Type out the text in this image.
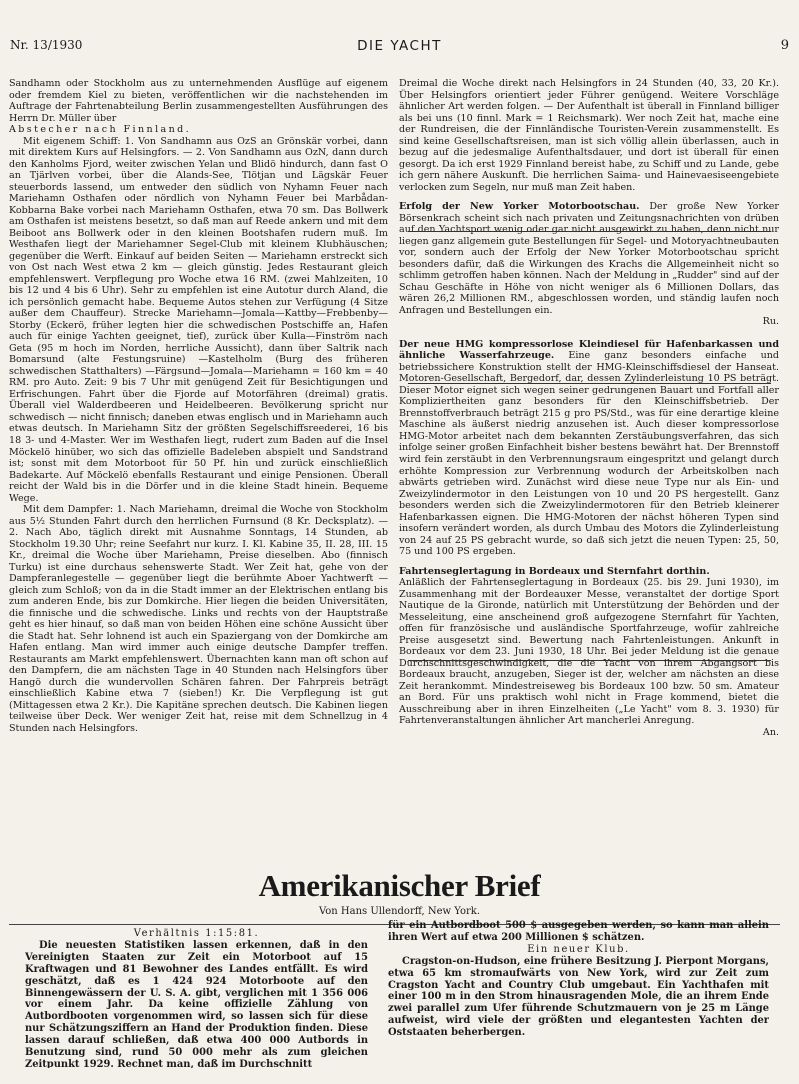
Nr. 13/1930	DIE YACHT	9

Sandhamn oder Stockholm aus zu unternehmenden Ausflüge auf eigenem oder fremdem Kiel zu bieten, veröffentlichen wir die nachstehenden im Auftrage der Fahrtenabteilung Berlin zusammengestellten Ausführungen des Herrn Dr. Müller über

Abstecher nach Finnland.

Mit eigenem Schiff: 1. Von Sandhamn aus OzS an Grönskär vorbei, dann mit direktem Kurs auf Helsingfors. — 2. Von Sandhamn aus OzN, dann durch den Kanholms Fjord, weiter zwischen Yelan und Blidö hindurch, dann fast O an Tjärlven vorbei, über die Alands-See, Tlötjan und Lägskär Feuer steuerbords lassend, um entweder den südlich von Nyhamn Feuer nach Mariehamn Osthafen oder nördlich von Nyhamn Feuer bei Marbådan-Kobbarna Bake vorbei nach Mariehamn Osthafen, etwa 70 sm. Das Bollwerk am Osthafen ist meistens besetzt, so daß man auf Reede ankern und mit dem Beiboot ans Bollwerk oder in den kleinen Bootshafen rudern muß. Im Westhafen liegt der Mariehamner Segel-Club mit kleinem Klubhäuschen; gegenüber die Werft. Einkauf auf beiden Seiten — Mariehamn erstreckt sich von Ost nach West etwa 2 km — gleich günstig. Jedes Restaurant gleich empfehlenswert. Verpflegung pro Woche etwa 16 RM. (zwei Mahlzeiten, 10 bis 12 und 4 bis 6 Uhr). Sehr zu empfehlen ist eine Autotur durch Aland, die ich persönlich gemacht habe. Bequeme Autos stehen zur Verfügung (4 Sitze außer dem Chauffeur). Strecke Mariehamn—Jomala—Kattby—Frebbenby—Storby (Eckerö, früher legten hier die schwedischen Postschiffe an, Hafen auch für einige Yachten geeignet, tief), zurück über Kulla—Finström nach Geta (95 m hoch im Norden, herrliche Aussicht), dann über Saltrik nach Bomarsund (alte Festungsruine) —Kastelholm (Burg des früheren schwedischen Statthalters) —Färgsund—Jomala—Mariehamn = 160 km = 40 RM. pro Auto. Zeit: 9 bis 7 Uhr mit genügend Zeit für Besichtigungen und Erfrischungen. Fahrt über die Fjorde auf Motorfähren (dreimal) gratis. Überall viel Walderdbeeren und Heidelbeeren. Bevölkerung spricht nur schwedisch — nicht finnisch; daneben etwas englisch und in Mariehamn auch etwas deutsch. In Mariehamn Sitz der größten Segelschiffsreederei, 16 bis 18 3- und 4-Master. Wer im Westhafen liegt, rudert zum Baden auf die Insel Möckelö hinüber, wo sich das offizielle Badeleben abspielt und Sandstrand ist; sonst mit dem Motorboot für 50 Pf. hin und zurück einschließlich Badekarte. Auf Möckelö ebenfalls Restaurant und einige Pensionen. Überall reicht der Wald bis in die Dörfer und in die kleine Stadt hinein. Bequeme Wege.

Mit dem Dampfer: 1. Nach Mariehamn, dreimal die Woche von Stockholm aus 5½ Stunden Fahrt durch den herrlichen Furnsund (8 Kr. Decksplatz). — 2. Nach Abo, täglich direkt mit Ausnahme Sonntags, 14 Stunden, ab Stockholm 19.30 Uhr; reine Seefahrt nur kurz. I. Kl. Kabine 35, II. 28, III. 15 Kr., dreimal die Woche über Mariehamn, Preise dieselben. Abo (finnisch Turku) ist eine durchaus sehenswerte Stadt. Wer Zeit hat, gehe von der Dampferanlegestelle — gegenüber liegt die berühmte Aboer Yachtwerft — gleich zum Schloß; von da in die Stadt immer an der Elektrischen entlang bis zum anderen Ende, bis zur Domkirche. Hier liegen die beiden Universitäten, die finnische und die schwedische. Links und rechts von der Hauptstraße geht es hier hinauf, so daß man von beiden Höhen eine schöne Aussicht über die Stadt hat. Sehr lohnend ist auch ein Spaziergang von der Domkirche am Hafen entlang. Man wird immer auch einige deutsche Dampfer treffen. Restaurants am Markt empfehlenswert. Übernachten kann man oft schon auf den Dampfern, die am nächsten Tage in 40 Stunden nach Helsingfors über Hangö durch die wundervollen Schären fahren. Der Fahrpreis beträgt einschließlich Kabine etwa 7 (sieben!) Kr. Die Verpflegung ist gut (Mittagessen etwa 2 Kr.). Die Kapitäne sprechen deutsch. Die Kabinen liegen teilweise über Deck. Wer weniger Zeit hat, reise mit dem Schnellzug in 4 Stunden nach Helsingfors.

Dreimal die Woche direkt nach Helsingfors in 24 Stunden (40, 33, 20 Kr.). Über Helsingfors orientiert jeder Führer genügend. Weitere Vorschläge ähnlicher Art werden folgen. — Der Aufenthalt ist überall in Finnland billiger als bei uns (10 finnl. Mark = 1 Reichsmark). Wer noch Zeit hat, mache eine der Rundreisen, die der Finnländische Touristen-Verein zusammenstellt. Es sind keine Gesellschaftsreisen, man ist sich völlig allein überlassen, auch in bezug auf die jedesmalige Aufenthaltsdauer, und dort ist überall für einen gesorgt. Da ich erst 1929 Finnland bereist habe, zu Schiff und zu Lande, gebe ich gern nähere Auskunft. Die herrlichen Saima- und Hainevaesiseengebiete verlocken zum Segeln, nur muß man Zeit haben.

Erfolg der New Yorker Motorbootschau. Der große New Yorker Börsenkrach scheint sich nach privaten und Zeitungsnachrichten von drüben auf den Yachtsport wenig oder gar nicht ausgewirkt zu haben, denn nicht nur liegen ganz allgemein gute Bestellungen für Segel- und Motoryachtneubauten vor, sondern auch der Erfolg der New Yorker Motorbootschau spricht besonders dafür, daß die Wirkungen des Krachs die Allgemeinheit nicht so schlimm getroffen haben können. Nach der Meldung in „Rudder" sind auf der Schau Geschäfte in Höhe von nicht weniger als 6 Millionen Dollars, das wären 26,2 Millionen RM., abgeschlossen worden, und ständig laufen noch Anfragen und Bestellungen ein.

Ru.

Der neue HMG kompressorlose Kleindiesel für Hafenbarkassen und ähnliche Wasserfahrzeuge. Eine ganz besonders einfache und betriebssichere Konstruktion stellt der HMG-Kleinschiffsdiesel der Hanseat. Motoren-Gesellschaft, Bergedorf, dar, dessen Zylinderleistung 10 PS beträgt. Dieser Motor eignet sich wegen seiner gedrungenen Bauart und Fortfall aller Kompliziertheiten ganz besonders für den Kleinschiffsbetrieb. Der Brennstoffverbrauch beträgt 215 g pro PS/Std., was für eine derartige kleine Maschine als äußerst niedrig anzusehen ist. Auch dieser kompressorlose HMG-Motor arbeitet nach dem bekannten Zerstäubungsverfahren, das sich infolge seiner großen Einfachheit bisher bestens bewährt hat. Der Brennstoff wird fein zerstäubt in den Verbrennungsraum eingespritzt und gelangt durch erhöhte Kompression zur Verbrennung wodurch der Arbeitskolben nach abwärts getrieben wird. Zunächst wird diese neue Type nur als Ein- und Zweizylindermotor in den Leistungen von 10 und 20 PS hergestellt. Ganz besonders werden sich die Zweizylindermotoren für den Betrieb kleinerer Hafenbarkassen eignen. Die HMG-Motoren der nächst höheren Typen sind insofern verändert worden, als durch Umbau des Motors die Zylinderleistung von 24 auf 25 PS gebracht wurde, so daß sich jetzt die neuen Typen: 25, 50, 75 und 100 PS ergeben.

Fahrtenseglertagung in Bordeaux und Sternfahrt dorthin.

Anläßlich der Fahrtenseglertagung in Bordeaux (25. bis 29. Juni 1930), im Zusammenhang mit der Bordeauxer Messe, veranstaltet der dortige Sport Nautique de la Gironde, natürlich mit Unterstützung der Behörden und der Messeleitung, eine anscheinend groß aufgezogene Sternfahrt für Yachten, offen für französische und ausländische Sportfahrzeuge, wofür zahlreiche Preise ausgesetzt sind. Bewertung nach Fahrtenleistungen. Ankunft in Bordeaux vor dem 23. Juni 1930, 18 Uhr. Bei jeder Meldung ist die genaue Durchschnittsgeschwindigkeit, die die Yacht von ihrem Abgangsort bis Bordeaux braucht, anzugeben, Sieger ist der, welcher am nächsten an diese Zeit herankommt. Mindestreiseweg bis Bordeaux 100 bzw. 50 sm. Amateur an Bord. Für uns praktisch wohl nicht in Frage kommend, bietet die Ausschreibung aber in ihren Einzelheiten („Le Yacht" vom 8. 3. 1930) für Fahrtenveranstaltungen ähnlicher Art mancherlei Anregung.

An.

Amerikanischer Brief
Von Hans Ullendorff, New York.

Verhältnis 1:15:81.

Die neuesten Statistiken lassen erkennen, daß in den Vereinigten Staaten zur Zeit ein Motorboot auf 15 Kraftwagen und 81 Bewohner des Landes entfällt. Es wird geschätzt, daß es 1 424 924 Motorboote auf den Binnengewässern der U. S. A. gibt, verglichen mit 1 356 006 vor einem Jahr. Da keine offizielle Zählung von Autbordbooten vorgenommen wird, so lassen sich für diese nur Schätzungsziffern an Hand der Produktion finden. Diese lassen darauf schließen, daß etwa 400 000 Autbords in Benutzung sind, rund 50 000 mehr als zum gleichen Zeitpunkt 1929. Rechnet man, daß im Durchschnitt

für ein Autbordboot 500 $ ausgegeben werden, so kann man allein ihren Wert auf etwa 200 Millionen $ schätzen.

Ein neuer Klub.

Cragston-on-Hudson, eine frühere Besitzung J. Pierpont Morgans, etwa 65 km stromaufwärts von New York, wird zur Zeit zum Cragston Yacht and Country Club umgebaut. Ein Yachthafen mit einer 100 m in den Strom hinausragenden Mole, die an ihrem Ende zwei parallel zum Ufer führende Schutzmauern von je 25 m Länge aufweist, wird viele der größten und elegantesten Yachten der Oststaaten beherbergen.
